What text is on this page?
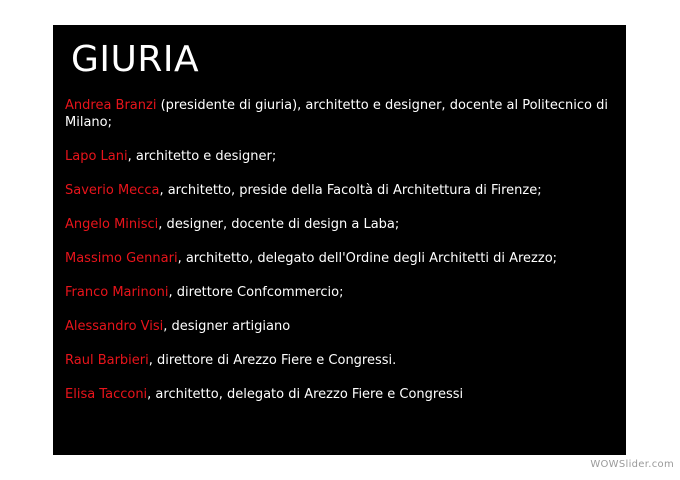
GIURIA
Andrea Branzi (presidente di giuria), architetto e designer, docente al Politecnico di Milano;
Lapo Lani, architetto e designer;
Saverio Mecca, architetto, preside della Facoltà di Architettura di Firenze;
Angelo Minisci, designer, docente di design a Laba;
Massimo Gennari, architetto, delegato dell'Ordine degli Architetti di Arezzo;
Franco Marinoni, direttore Confcommercio;
Alessandro Visi, designer artigiano
Raul Barbieri, direttore di Arezzo Fiere e Congressi.
Elisa Tacconi, architetto, delegato di Arezzo Fiere e Congressi
WOWSlider.com
